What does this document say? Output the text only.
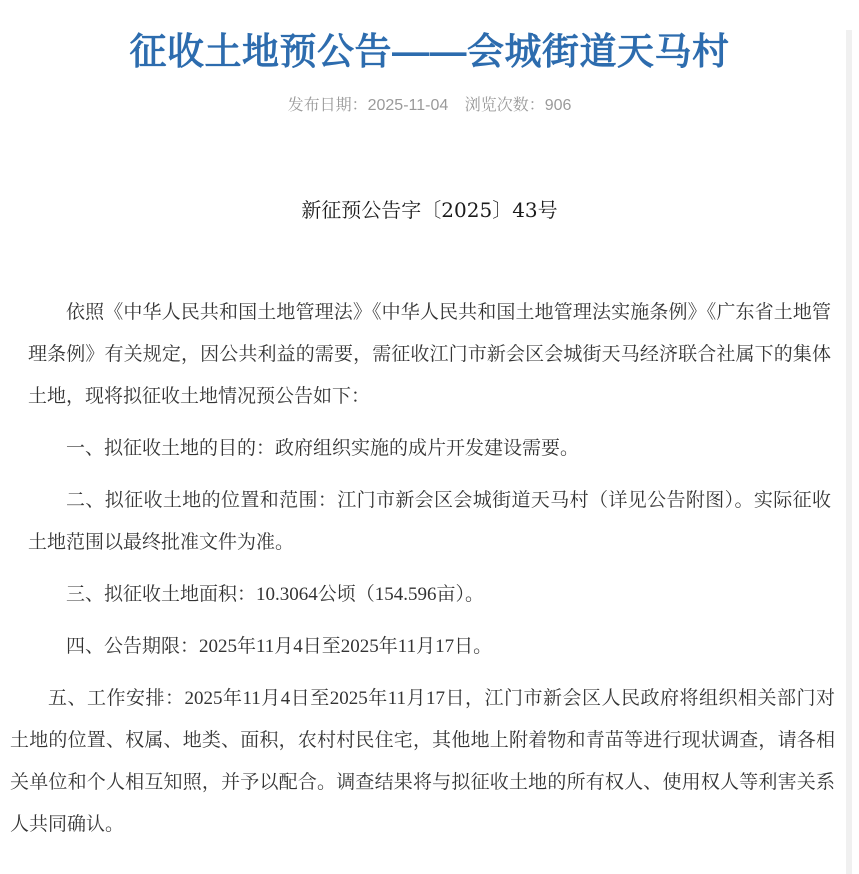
征收土地预公告——会城街道天马村
发布日期：2025-11-04 浏览次数：906
新征预公告字〔2025〕43号

依照《中华人民共和国土地管理法》《中华人民共和国土地管理法实施条例》《广东省土地管理条例》有关规定，因公共利益的需要，需征收江门市新会区会城街天马经济联合社属下的集体土地，现将拟征收土地情况预公告如下：

一、拟征收土地的目的：政府组织实施的成片开发建设需要。

二、拟征收土地的位置和范围：江门市新会区会城街道天马村（详见公告附图）。实际征收土地范围以最终批准文件为准。

三、拟征收土地面积：10.3064公顷（154.596亩）。

四、公告期限：2025年11月4日至2025年11月17日。

五、工作安排：2025年11月4日至2025年11月17日，江门市新会区人民政府将组织相关部门对土地的位置、权属、地类、面积，农村村民住宅，其他地上附着物和青苗等进行现状调查，请各相关单位和个人相互知照，并予以配合。调查结果将与拟征收土地的所有权人、使用权人等利害关系人共同确认。
